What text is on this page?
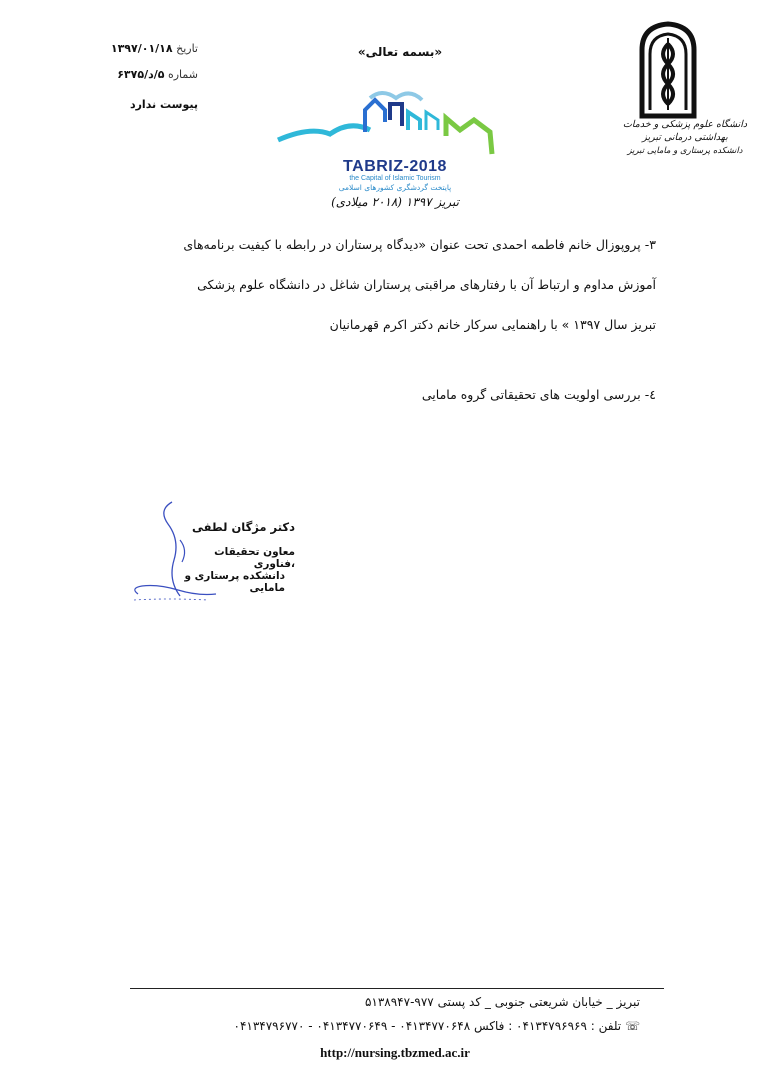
تاریخ ۱۳۹۷/۰۱/۱۸
شماره ۵/د/۶۳۷۵
پیوست ندارد
«بسمه تعالی»
دانشگاه علوم پزشکی و خدمات بهداشتی درمانی تبریز
دانشکده پرستاری و مامایی تبریز
TABRIZ-2018
the Capital of Islamic Tourism
پایتخت گردشگری کشورهای اسلامی
تبریز ۱۳۹۷ (۲۰۱۸ میلادی)
۳- پروپوزال خانم فاطمه احمدی تحت عنوان «دیدگاه پرستاران در رابطه با کیفیت برنامه‌های
آموزش مداوم و ارتباط آن با رفتارهای مراقبتی پرستاران شاغل در دانشگاه علوم پزشکی
تبریز سال ۱۳۹۷ » با راهنمایی سرکار خانم دکتر اکرم قهرمانیان
٤- بررسی اولویت های تحقیقاتی گروه مامایی
دکتر مژگان لطفی
معاون تحقیقات ،فناوری
دانشکده پرستاری و مامایی
تبریز _ خیابان شریعتی جنوبی _ کد پستی ۹۷۷-۵۱۳۸۹۴۷
☏ تلفن : ۰۴۱۳۴۷۹۶۹۶۹ : فاکس ۰۴۱۳۴۷۷۰۶۴۸ - ۰۴۱۳۴۷۷۰۶۴۹ - ۰۴۱۳۴۷۹۶۷۷۰
http://nursing.tbzmed.ac.ir
